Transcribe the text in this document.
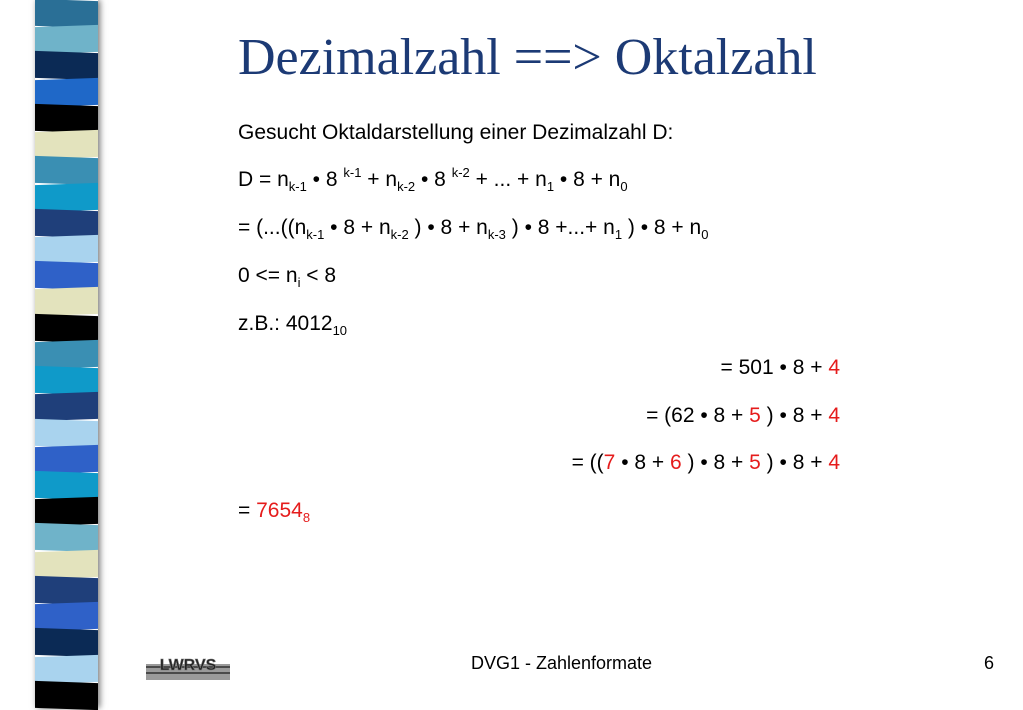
Dezimalzahl ==> Oktalzahl
Gesucht Oktaldarstellung einer Dezimalzahl D:
$D = n_{k-1}$ • 8 $^{k-1} + n_{k-2}$ • 8 $^{k-2}$ + ... + $n_1$ • $8 + n_0$
= ($...((n_{k-1}$ • $8 + n_{k-2}$ ) • $8 + n_{k-3}$ ) • 8 +...+ $n_1$ ) • $8 + n_0$
$0 <= n_i < 8$
z.B.: $4012_{10}$
= 501 • 8 + 4
= (62 • 8 + 5 ) • 8 + 4
= ((7 • 8 + 6 ) • 8 + 5 ) • 8 + 4
= $7654_8$
LWRVS	DVG1 - Zahlenformate	6
